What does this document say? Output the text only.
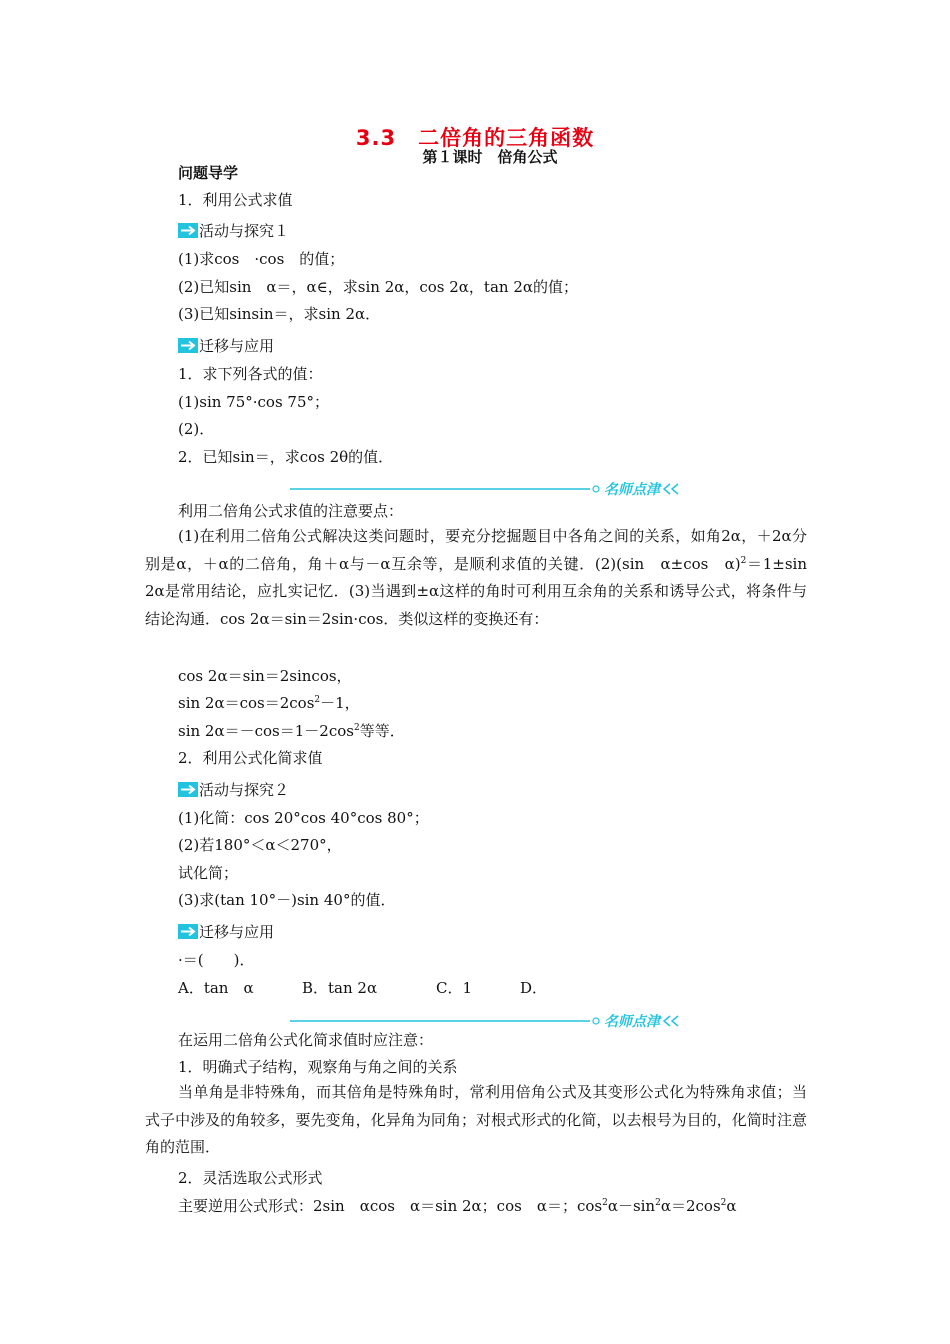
3.3　二倍角的三角函数
第１课时　倍角公式
问题导学
1．利用公式求值
活动与探究１
(1)求cos　·cos　的值；
(2)已知sin　α＝，α∈，求sin 2α，cos 2α，tan 2α的值；
(3)已知sinsin＝，求sin 2α．
迁移与应用
1．求下列各式的值：
(1)sin 75°·cos 75°；
(2)．
2．已知sin＝，求cos 2θ的值．
名师点津
利用二倍角公式求值的注意要点：
(1)在利用二倍角公式解决这类问题时，要充分挖掘题目中各角之间的关系，如角2α，＋2α分别是α，＋α的二倍角，角＋α与－α互余等，是顺利求值的关键．(2)(sin　α±cos　α)$^2$＝1±sin 2α是常用结论，应扎实记忆．(3)当遇到±α这样的角时可利用互余角的关系和诱导公式，将条件与结论沟通．cos 2α＝sin＝2sin·cos．类似这样的变换还有：
cos 2α＝sin＝2sincos，
$\sin 2\alpha=\cos=2\cos^2-1$，
$\sin 2\alpha=-\cos=1-2\cos^2$等等．
2．利用公式化简求值
活动与探究２
(1)化简：cos 20°cos 40°cos 80°；
(2)若180°＜α＜270°，
试化简；
(3)求(tan 10°－)sin 40°的值．
迁移与应用
·＝(　　)．
A．tan　α	B．tan 2α	C．1	D．
名师点津
在运用二倍角公式化简求值时应注意：
1．明确式子结构，观察角与角之间的关系
当单角是非特殊角，而其倍角是特殊角时，常利用倍角公式及其变形公式化为特殊角求值；当式子中涉及的角较多，要先变角，化异角为同角；对根式形式的化简，以去根号为目的，化简时注意角的范围．
2．灵活选取公式形式
主要逆用公式形式：2sin　αcos　α＝sin 2α；cos　α＝；$\cos^2\alpha-\sin^2\alpha=2\cos^2\alpha$
